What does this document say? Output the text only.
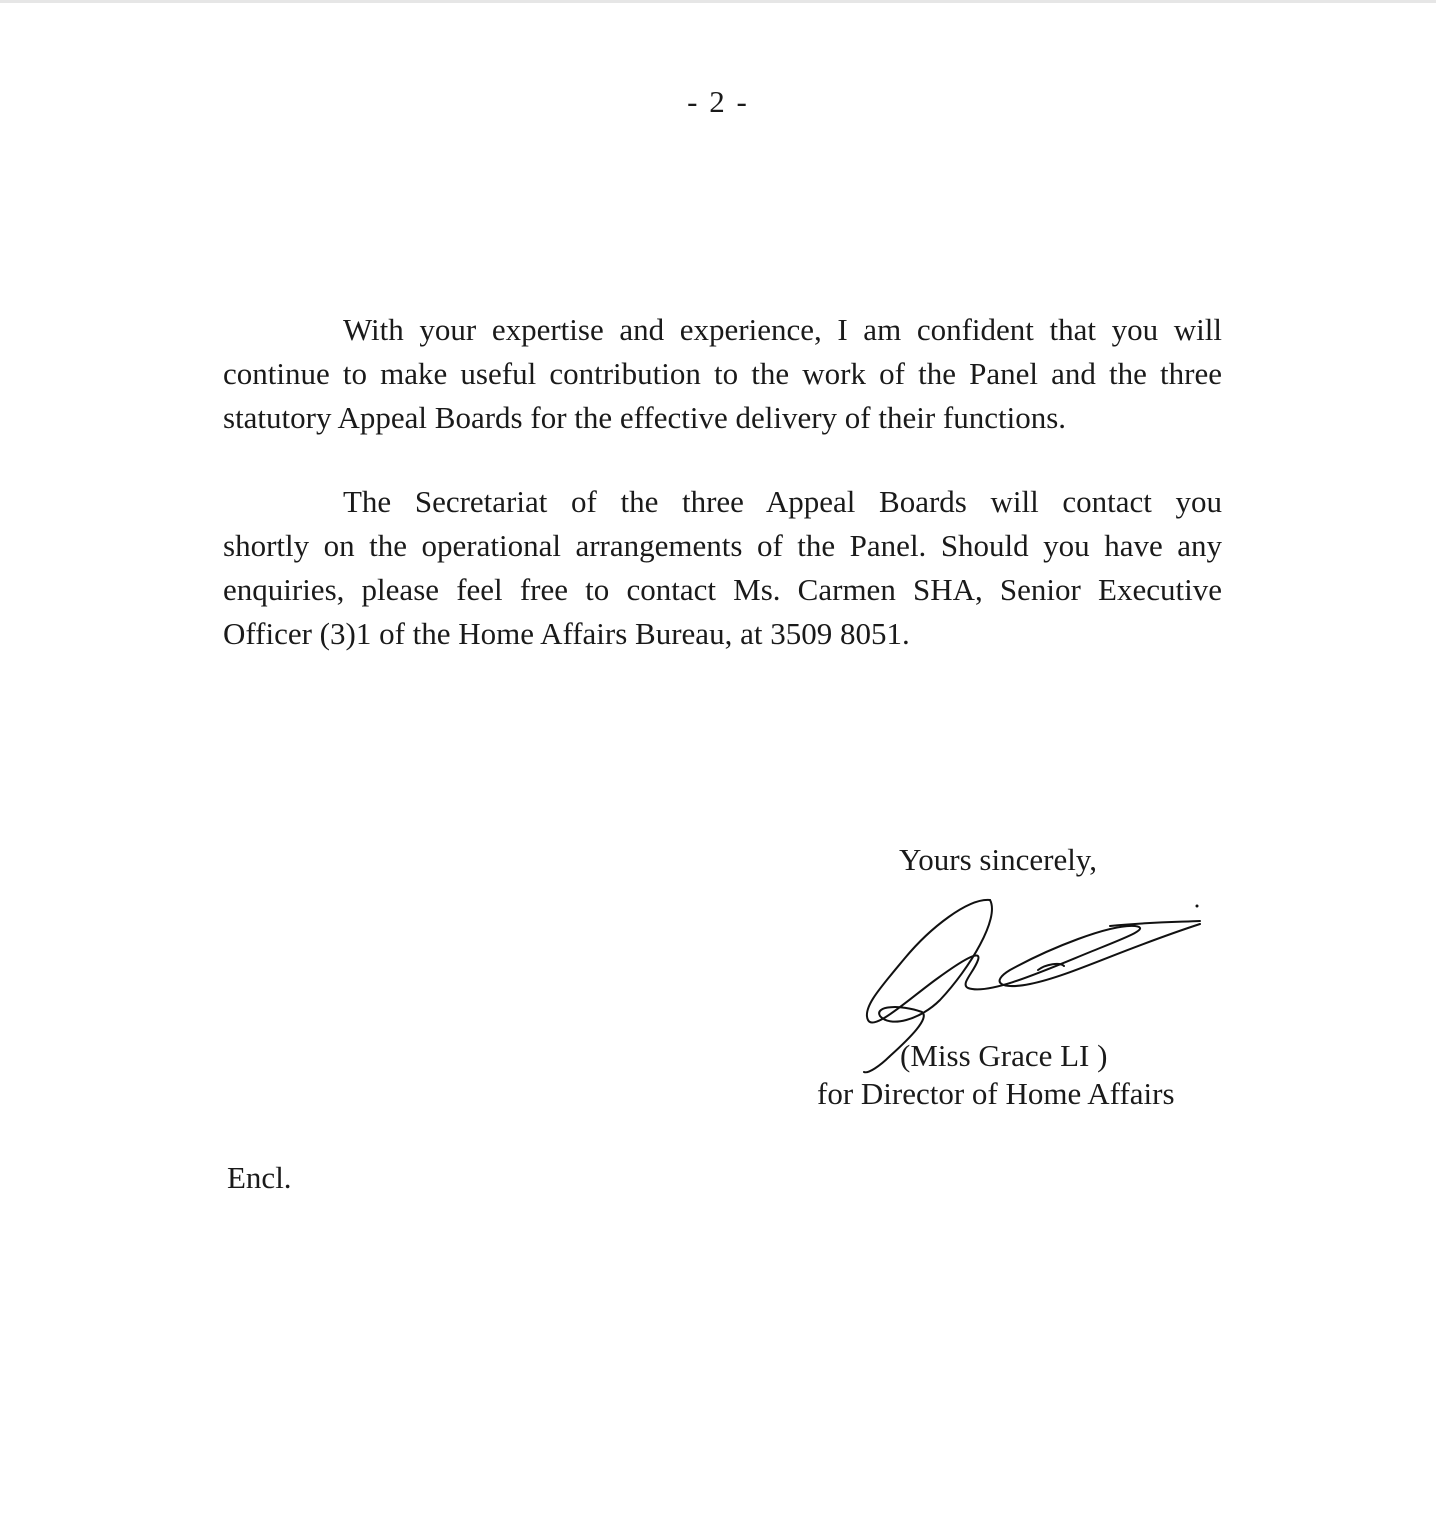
- 2 -
With your expertise and experience, I am confident that you will
continue to make useful contribution to the work of the Panel and the three
statutory Appeal Boards for the effective delivery of their functions.
The Secretariat of the three Appeal Boards will contact you
shortly on the operational arrangements of the Panel. Should you have any
enquiries, please feel free to contact Ms. Carmen SHA, Senior Executive
Officer (3)1 of the Home Affairs Bureau, at 3509 8051.
Yours sincerely,
(Miss Grace LI )
for Director of Home Affairs
Encl.
